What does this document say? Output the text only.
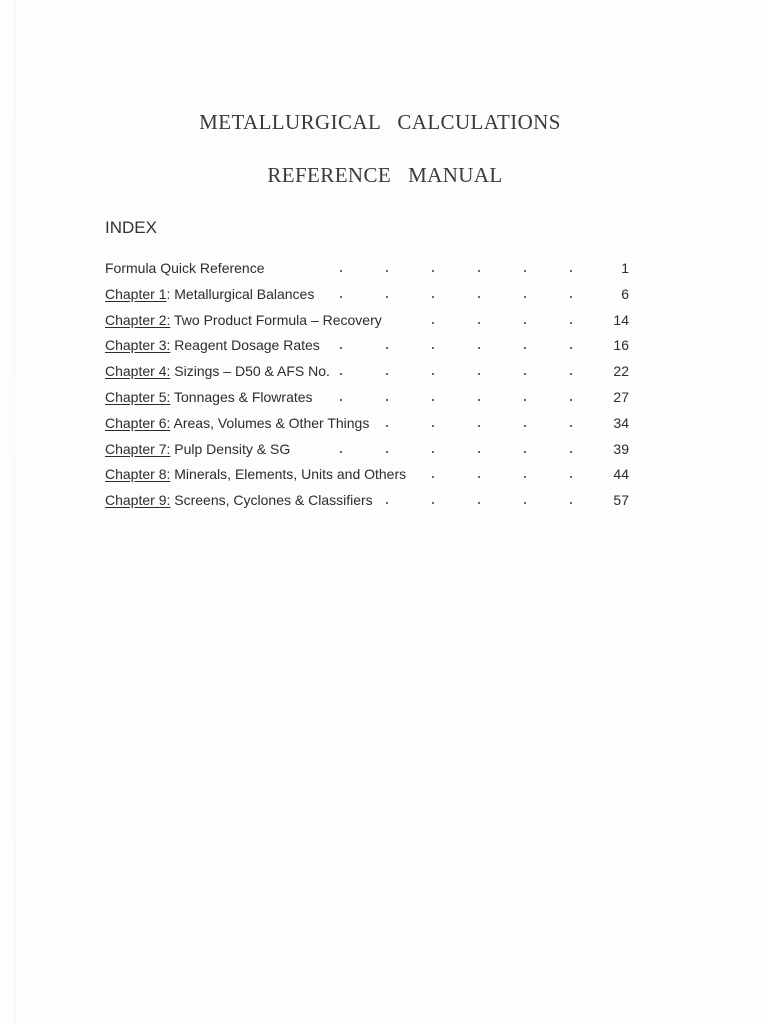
METALLURGICAL   CALCULATIONS
REFERENCE   MANUAL
INDEX
Formula Quick Reference	1
Chapter 1: Metallurgical Balances	6
Chapter 2: Two Product Formula – Recovery	14
Chapter 3: Reagent Dosage Rates	16
Chapter 4: Sizings – D50 & AFS No.	22
Chapter 5: Tonnages & Flowrates	27
Chapter 6: Areas, Volumes & Other Things	34
Chapter 7: Pulp Density & SG	39
Chapter 8: Minerals, Elements, Units and Others	44
Chapter 9: Screens, Cyclones & Classifiers	57
